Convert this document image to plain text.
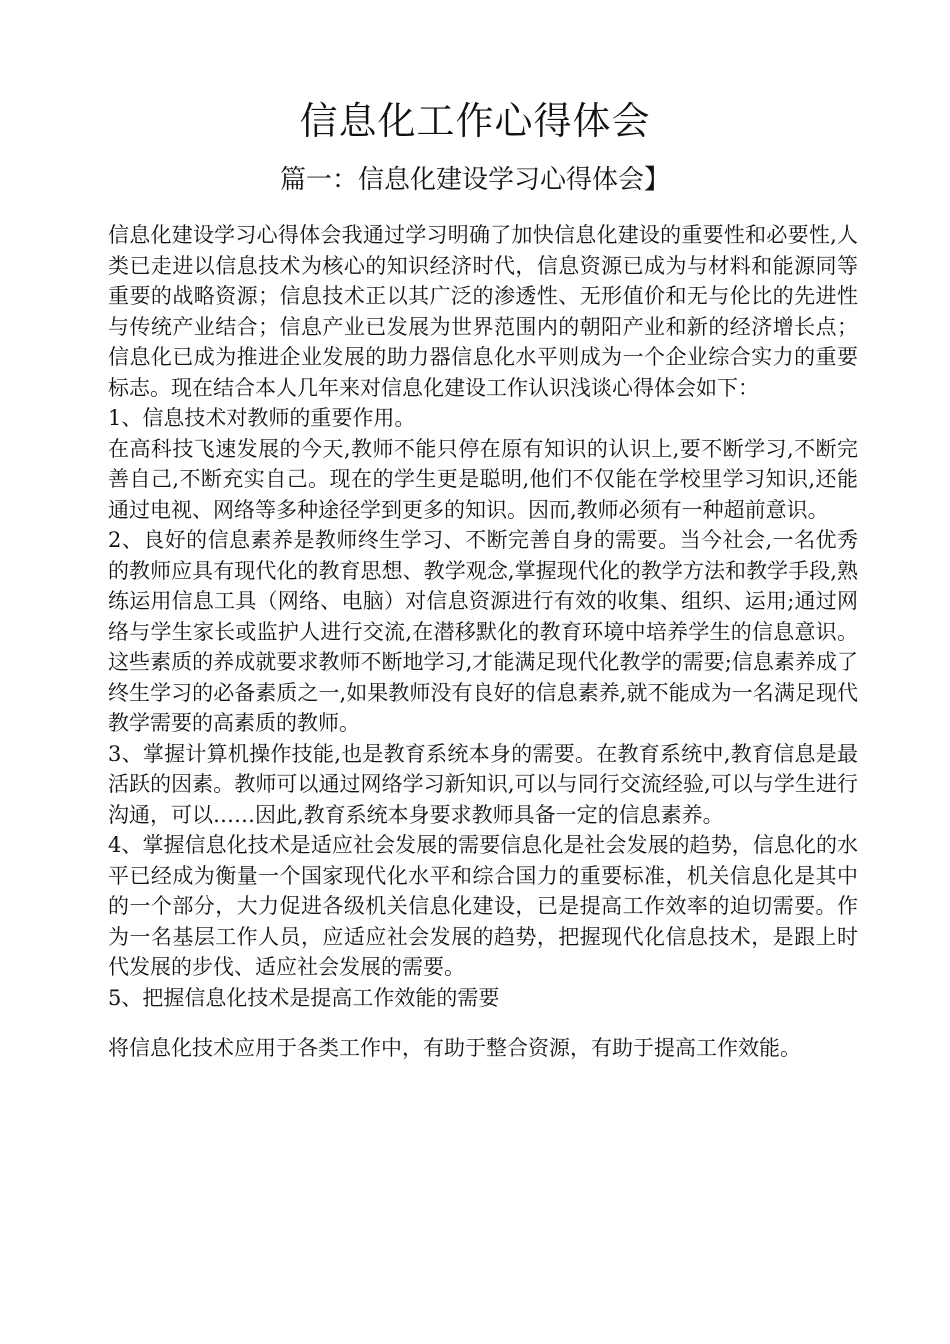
信息化工作心得体会
篇一：信息化建设学习心得体会】

信息化建设学习心得体会我通过学习明确了加快信息化建设的重要性和必要性,人类已走进以信息技术为核心的知识经济时代，信息资源已成为与材料和能源同等重要的战略资源；信息技术正以其广泛的渗透性、无形值价和无与伦比的先进性与传统产业结合；信息产业已发展为世界范围内的朝阳产业和新的经济增长点；信息化已成为推进企业发展的助力器信息化水平则成为一个企业综合实力的重要标志。现在结合本人几年来对信息化建设工作认识浅谈心得体会如下：

1、信息技术对教师的重要作用。

在高科技飞速发展的今天,教师不能只停在原有知识的认识上,要不断学习,不断完善自己,不断充实自己。现在的学生更是聪明,他们不仅能在学校里学习知识,还能通过电视、网络等多种途径学到更多的知识。因而,教师必须有一种超前意识。

2、良好的信息素养是教师终生学习、不断完善自身的需要。当今社会,一名优秀的教师应具有现代化的教育思想、教学观念,掌握现代化的教学方法和教学手段,熟练运用信息工具（网络、电脑）对信息资源进行有效的收集、组织、运用;通过网络与学生家长或监护人进行交流,在潜移默化的教育环境中培养学生的信息意识。这些素质的养成就要求教师不断地学习,才能满足现代化教学的需要;信息素养成了终生学习的必备素质之一,如果教师没有良好的信息素养,就不能成为一名满足现代教学需要的高素质的教师。

3、掌握计算机操作技能,也是教育系统本身的需要。在教育系统中,教育信息是最活跃的因素。教师可以通过网络学习新知识,可以与同行交流经验,可以与学生进行沟通，可以……因此,教育系统本身要求教师具备一定的信息素养。

4、掌握信息化技术是适应社会发展的需要信息化是社会发展的趋势，信息化的水平已经成为衡量一个国家现代化水平和综合国力的重要标准，机关信息化是其中的一个部分，大力促进各级机关信息化建设，已是提高工作效率的迫切需要。作为一名基层工作人员，应适应社会发展的趋势，把握现代化信息技术，是跟上时代发展的步伐、适应社会发展的需要。

5、把握信息化技术是提高工作效能的需要

将信息化技术应用于各类工作中，有助于整合资源，有助于提高工作效能。
